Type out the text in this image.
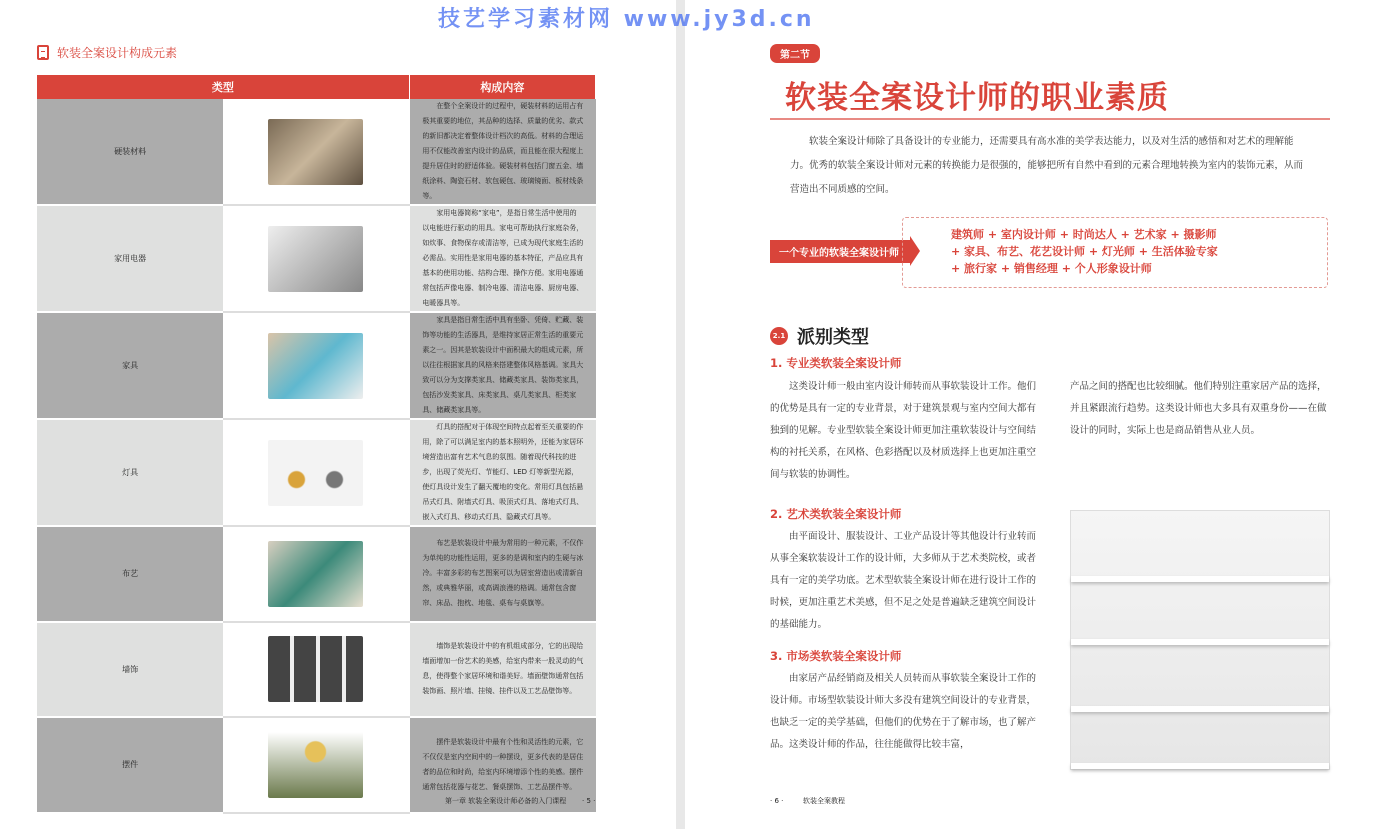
软装全案设计构成元素
类型		构成内容
硬装材料		在整个全案设计的过程中，硬装材料的运用占有极其重要的地位，其品种的选择、质量的优劣、款式的新旧都决定着整体设计档次的高低。材料的合理运用不仅能改善室内设计的品质，而且能在很大程度上提升居住时的舒适体验。硬装材料包括门窗五金、墙纸涂料、陶瓷石材、软包硬包、玻璃镜面、板材线条等。
家用电器		家用电器简称“家电”，是指日常生活中使用的以电能进行驱动的用具。家电可帮助执行家庭杂务，如炊事、食物保存或清洁等，已成为现代家庭生活的必需品。实用性是家用电器的基本特征，产品应具有基本的使用功能、结构合理、操作方便。家用电器通常包括声像电器、制冷电器、清洁电器、厨房电器、电暖器具等。
家具		家具是指日常生活中具有坐卧、凭倚、贮藏、装饰等功能的生活器具，是维持家居正常生活的重要元素之一。因其是软装设计中面积最大的组成元素，所以往往根据家具的风格来搭建整体风格基调。家具大致可以分为支撑类家具、储藏类家具、装饰类家具，包括沙发类家具、床类家具、桌几类家具、柜类家具、储藏类家具等。
灯具		灯具的搭配对于体现空间特点起着至关重要的作用，除了可以满足室内的基本照明外，还能为家居环境营造出富有艺术气息的氛围。随着现代科技的进步，出现了荧光灯、节能灯、LED 灯等新型光源，使灯具设计发生了翻天覆地的变化。常用灯具包括悬吊式灯具、附墙式灯具、吸顶式灯具、落地式灯具、嵌入式灯具、移动式灯具、隐藏式灯具等。
布艺		布艺是软装设计中最为常用的一种元素，不仅作为单纯的功能性运用，更多的是调和室内的生硬与冰冷。丰富多彩的布艺图案可以为居室营造出或清新自然，或典雅华丽，或高调浪漫的格调。通常包含窗帘、床品、抱枕、地毯、桌布与桌旗等。
墙饰		墙饰是软装设计中的有机组成部分，它的出现给墙面增加一份艺术的美感，给室内带来一股灵动的气息，使得整个家居环境和谐美好。墙面壁饰通常包括装饰画、照片墙、挂镜、挂件以及工艺品壁饰等。
摆件		摆件是软装设计中最有个性和灵活性的元素，它不仅仅是室内空间中的一种摆设，更多代表的是居住者的品位和时尚，给室内环境增添个性的美感。摆件通常包括花器与花艺、餐桌摆饰、工艺品摆件等。
第一章 软装全案设计师必备的入门课程 · 5 ·
第二节
软装全案设计师的职业素质
软装全案设计师除了具备设计的专业能力，还需要具有高水准的美学表达能力，以及对生活的感悟和对艺术的理解能力。优秀的软装全案设计师对元素的转换能力是很强的，能够把所有自然中看到的元素合理地转换为室内的装饰元素，从而营造出不同质感的空间。
一个专业的软装全案设计师
建筑师 + 室内设计师 + 时尚达人 + 艺术家 + 摄影师
+ 家具、布艺、花艺设计师 + 灯光师 + 生活体验专家
+ 旅行家 + 销售经理 + 个人形象设计师
2.1 派别类型
1. 专业类软装全案设计师
这类设计师一般由室内设计师转而从事软装设计工作。他们的优势是具有一定的专业背景，对于建筑景观与室内空间大都有独到的见解。专业型软装全案设计师更加注重软装设计与空间结构的衬托关系，在风格、色彩搭配以及材质选择上也更加注重空间与软装的协调性。
产品之间的搭配也比较细腻。他们特别注重家居产品的选择，并且紧跟流行趋势。这类设计师也大多具有双重身份——在做设计的同时，实际上也是商品销售从业人员。
2. 艺术类软装全案设计师
由平面设计、服装设计、工业产品设计等其他设计行业转而从事全案软装设计工作的设计师，大多师从于艺术类院校，或者具有一定的美学功底。艺术型软装全案设计师在进行设计工作的时候，更加注重艺术美感，但不足之处是普遍缺乏建筑空间设计的基础能力。
3. 市场类软装全案设计师
由家居产品经销商及相关人员转而从事软装全案设计工作的设计师。市场型软装设计师大多没有建筑空间设计的专业背景，也缺乏一定的美学基础，但他们的优势在于了解市场，也了解产品。这类设计师的作品，往往能做得比较丰富，
· 6 ·	软装全案教程
技艺学习素材网 www.jy3d.cn
